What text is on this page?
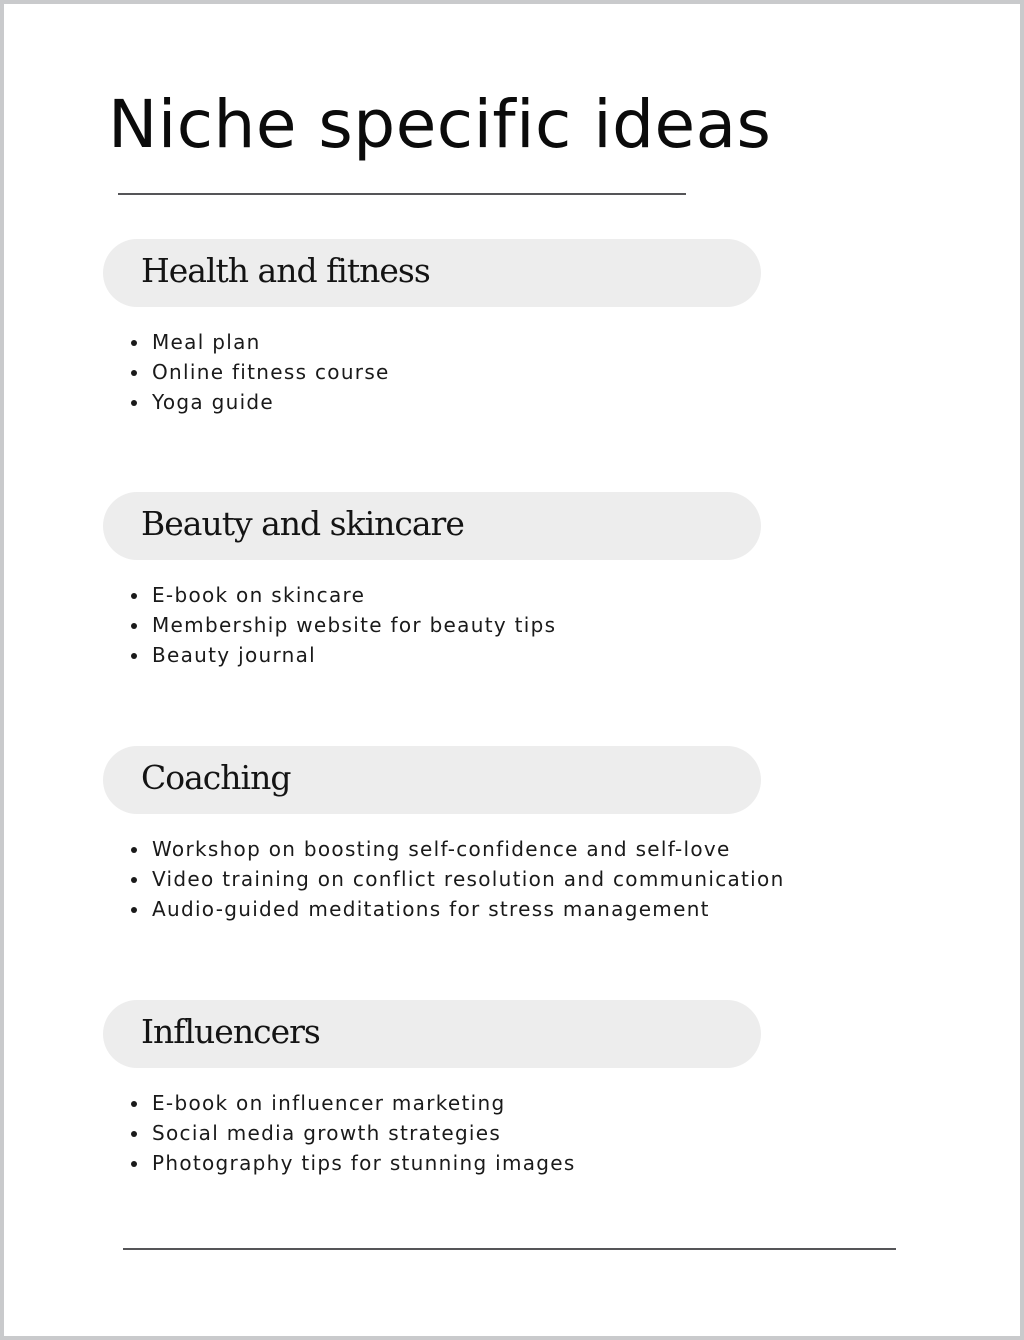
Niche specific ideas
Health and fitness
Meal plan
Online fitness course
Yoga guide
Beauty and skincare
E-book on skincare
Membership website for beauty tips
Beauty journal
Coaching
Workshop on boosting self-confidence and self-love
Video training on conflict resolution and communication
Audio-guided meditations for stress management
Influencers
E-book on influencer marketing
Social media growth strategies
Photography tips for stunning images
